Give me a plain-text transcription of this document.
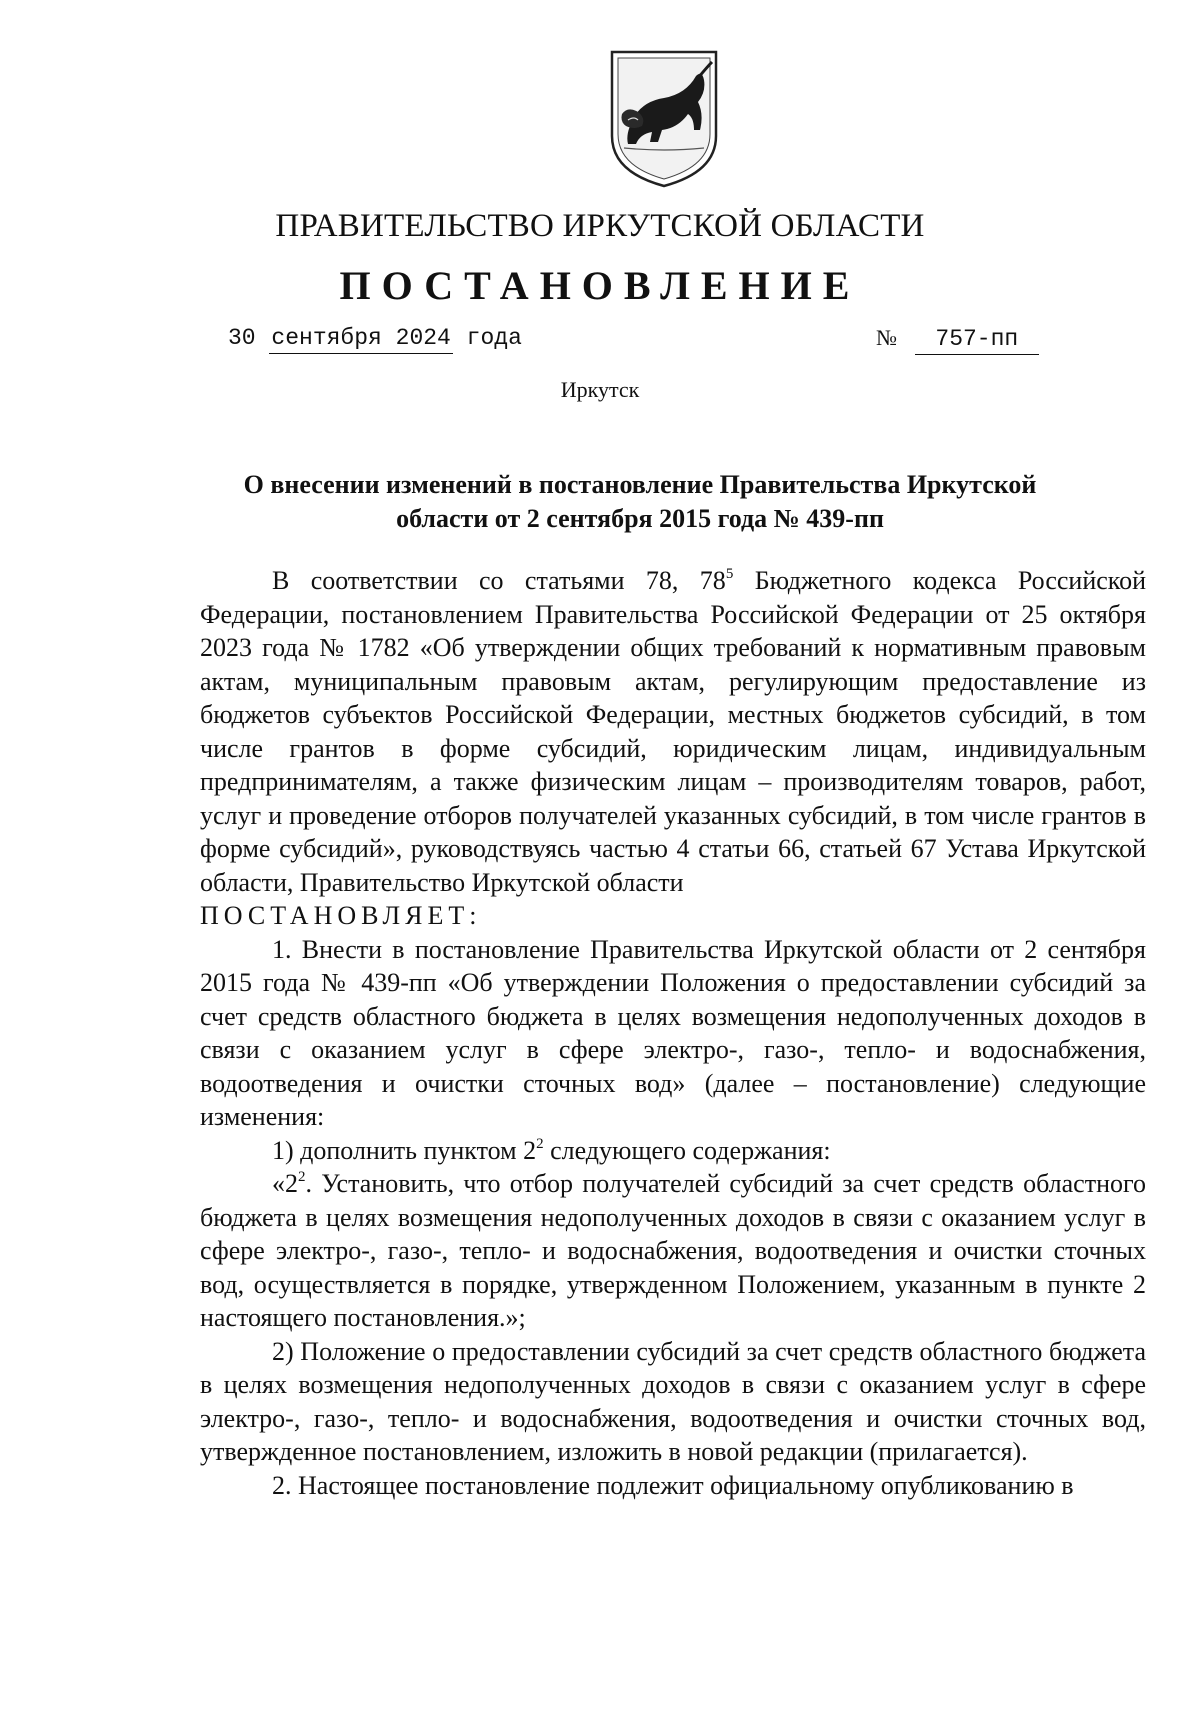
ПРАВИТЕЛЬСТВО ИРКУТСКОЙ ОБЛАСТИ
ПОСТАНОВЛЕНИЕ
30 сентября 2024 года	№ 757-пп
Иркутск
О внесении изменений в постановление Правительства Иркутской области от 2 сентября 2015 года № 439-пп

В соответствии со статьями 78, $78^5$ Бюджетного кодекса Российской Федерации, постановлением Правительства Российской Федерации от 25 октября 2023 года № 1782 «Об утверждении общих требований к нормативным правовым актам, муниципальным правовым актам, регулирующим предоставление из бюджетов субъектов Российской Федерации, местных бюджетов субсидий, в том числе грантов в форме субсидий, юридическим лицам, индивидуальным предпринимателям, а также физическим лицам – производителям товаров, работ, услуг и проведение отборов получателей указанных субсидий, в том числе грантов в форме субсидий», руководствуясь частью 4 статьи 66, статьей 67 Устава Иркутской области, Правительство Иркутской области

ПОСТАНОВЛЯЕТ:

1. Внести в постановление Правительства Иркутской области от 2 сентября 2015 года № 439-пп «Об утверждении Положения о предоставлении субсидий за счет средств областного бюджета в целях возмещения недополученных доходов в связи с оказанием услуг в сфере электро-, газо-, тепло- и водоснабжения, водоотведения и очистки сточных вод» (далее – постановление) следующие изменения:

1) дополнить пунктом $2^2$ следующего содержания:

«$2^2$. Установить, что отбор получателей субсидий за счет средств областного бюджета в целях возмещения недополученных доходов в связи с оказанием услуг в сфере электро-, газо-, тепло- и водоснабжения, водоотведения и очистки сточных вод, осуществляется в порядке, утвержденном Положением, указанным в пункте 2 настоящего постановления.»;

2) Положение о предоставлении субсидий за счет средств областного бюджета в целях возмещения недополученных доходов в связи с оказанием услуг в сфере электро-, газо-, тепло- и водоснабжения, водоотведения и очистки сточных вод, утвержденное постановлением, изложить в новой редакции (прилагается).

2. Настоящее постановление подлежит официальному опубликованию в
